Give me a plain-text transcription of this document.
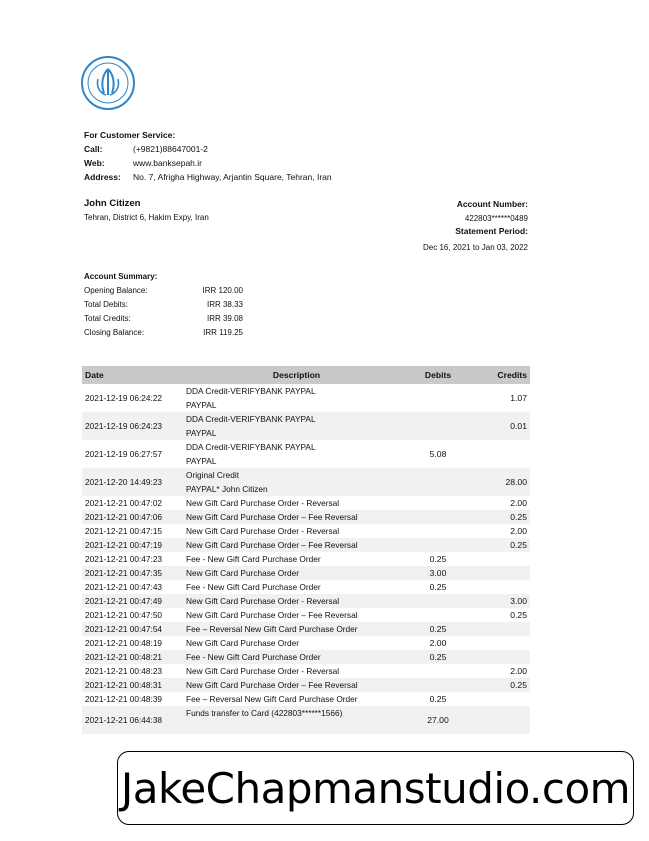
For Customer Service:
Call:	(+9821)88647001-2
Web:	www.banksepah.ir
Address:	No. 7, Afrigha Highway, Arjantin Square, Tehran, Iran
John Citizen
Tehran, District 6, Hakim Expy, Iran
Account Number:
422803******0489
Statement Period:
Dec 16, 2021 to Jan 03, 2022
Account Summary:
Opening Balance:	IRR 120.00
Total Debits:	IRR 38.33
Total Credits:	IRR 39.08
Closing Balance:	IRR 119.25
Date	Description	Debits	Credits
2021-12-19 06:24:22	DDA Credit-VERIFYBANK PAYPAL
PAYPAL		1.07
2021-12-19 06:24:23	DDA Credit-VERIFYBANK PAYPAL
PAYPAL		0.01
2021-12-19 06:27:57	DDA Credit-VERIFYBANK PAYPAL
PAYPAL	5.08	
2021-12-20 14:49:23	Original Credit
PAYPAL* John Citizen		28.00
2021-12-21 00:47:02	New Gift Card Purchase Order - Reversal		2.00
2021-12-21 00:47:06	New Gift Card Purchase Order – Fee Reversal		0.25
2021-12-21 00:47:15	New Gift Card Purchase Order - Reversal		2.00
2021-12-21 00:47:19	New Gift Card Purchase Order – Fee Reversal		0.25
2021-12-21 00:47:23	Fee - New Gift Card Purchase Order	0.25	
2021-12-21 00:47:35	New Gift Card Purchase Order	3.00	
2021-12-21 00:47:43	Fee - New Gift Card Purchase Order	0.25	
2021-12-21 00:47:49	New Gift Card Purchase Order - Reversal		3.00
2021-12-21 00:47:50	New Gift Card Purchase Order – Fee Reversal		0.25
2021-12-21 00:47:54	Fee – Reversal New Gift Card Purchase Order	0.25	
2021-12-21 00:48:19	New Gift Card Purchase Order	2.00	
2021-12-21 00:48:21	Fee - New Gift Card Purchase Order	0.25	
2021-12-21 00:48:23	New Gift Card Purchase Order - Reversal		2.00
2021-12-21 00:48:31	New Gift Card Purchase Order – Fee Reversal		0.25
2021-12-21 00:48:39	Fee – Reversal New Gift Card Purchase Order	0.25	
2021-12-21 06:44:38	Funds transfer to Card (422803******1566)	27.00	
JakeChapmanstudio.com
